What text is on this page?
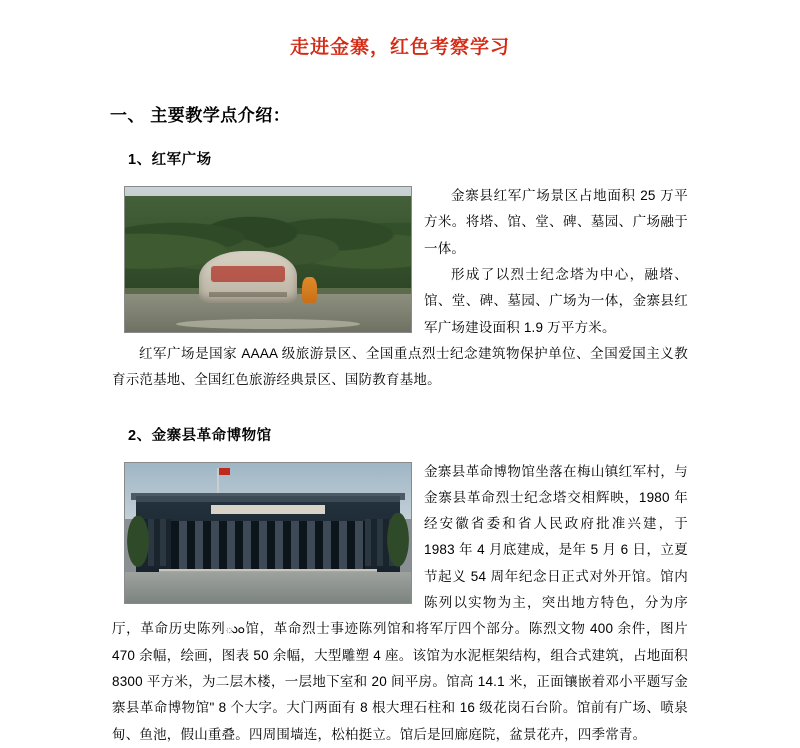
走进金寨，红色考察学习
一、 主要教学点介绍：
1、红军广场

金寨县红军广场景区占地面积 25 万平方米。将塔、馆、堂、碑、墓园、广场融于一体。

形成了以烈士纪念塔为中心，融塔、馆、堂、碑、墓园、广场为一体，金寨县红军广场建设面积 1.9 万平方米。

红军广场是国家 AAAA 级旅游景区、全国重点烈士纪念建筑物保护单位、全国爱国主义教育示范基地、全国红色旅游经典景区、国防教育基地。

2、金寨县革命博物馆

金寨县革命博物馆坐落在梅山镇红军村，与金寨县革命烈士纪念塔交相辉映，1980 年经安徽省委和省人民政府批准兴建，于 1983 年 4 月底建成，是年 5 月 6 日，立夏节起义 54 周年纪念日正式对外开馆。馆内陈列以实物为主，突出地方特色，分为序厅，革命历史陈列ుం馆，革命烈士事迹陈列馆和将军厅四个部分。陈烈文物 400 余件，图片 470 余幅，绘画，图表 50 余幅，大型雕塑 4 座。该馆为水泥框架结构，组合式建筑，占地面积 8300 平方米，为二层木楼，一层地下室和 20 间平房。馆高 14.1 米，正面镶嵌着邓小平题写金寨县革命博物馆" 8 个大字。大门两面有 8 根大理石柱和 16 级花岗石台阶。馆前有广场、喷泉甸、鱼池，假山重叠。四周围墙连，松柏挺立。馆后是回廊庭院，盆景花卉，四季常青。
